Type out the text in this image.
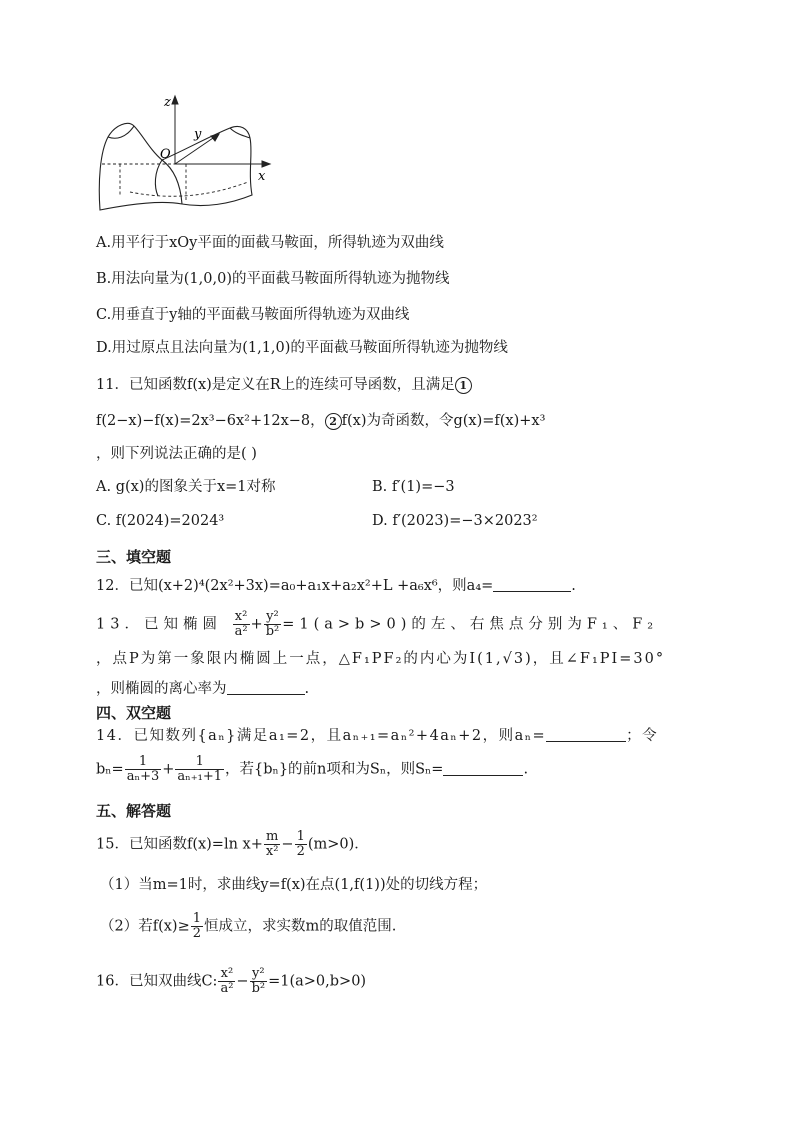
z
y
x
O
A.用平行于xOy平面的面截马鞍面，所得轨迹为双曲线
B.用法向量为(1,0,0)的平面截马鞍面所得轨迹为抛物线
C.用垂直于y轴的平面截马鞍面所得轨迹为双曲线
D.用过原点且法向量为(1,1,0)的平面截马鞍面所得轨迹为抛物线
11．已知函数f(x)是定义在R上的连续可导函数，且满足 1
f(2−x)−f(x)=2x³−6x²+12x−8， 2 f(x)为奇函数，令g(x)=f(x)+x³
，则下列说法正确的是( )
A. g(x)的图象关于x=1对称	B. f′(1)=−3
C. f(2024)=2024³	D. f′(2023)=−3×2023²
三、填空题
12．已知(x+2)⁴(2x²+3x)=a₀+a₁x+a₂x²+L +a₆x⁶，则a₄=	.
13．已知椭圆 $\frac{\text{x²}}{\text{a²}} + \frac{\text{y²}}{\text{b²}} =1(a>b>0)$的左、右焦点分别为F₁、F₂
，点P为第一象限内椭圆上一点，△F₁PF₂的内心为I(1,√3)，且∠F₁PI=30°
，则椭圆的离心率为	.
四、双空题
14．已知数列{aₙ}满足a₁=2，且aₙ₊₁=aₙ²+4aₙ+2，则aₙ=	；令
$b_n= \frac{1}{\text{aₙ+3}} + \frac{1}{\text{aₙ₊₁+1}}$ ，若{bₙ}的前n项和为Sₙ，则Sₙ=	.
五、解答题
15．已知函数f(x)=ln $x+ \frac{m}{\text{x²}} - \frac{1}{2} (m>0)$．
（1）当m=1时，求曲线y=f(x)在点(1,f(1))处的切线方程；
（2）若$f(x)\ge \frac{1}{2}$ 恒成立，求实数m的取值范围.
16．已知双曲线C: $\frac{\text{x²}}{\text{a²}} - \frac{\text{y²}}{\text{b²}} =1(a>0,b>0)$
